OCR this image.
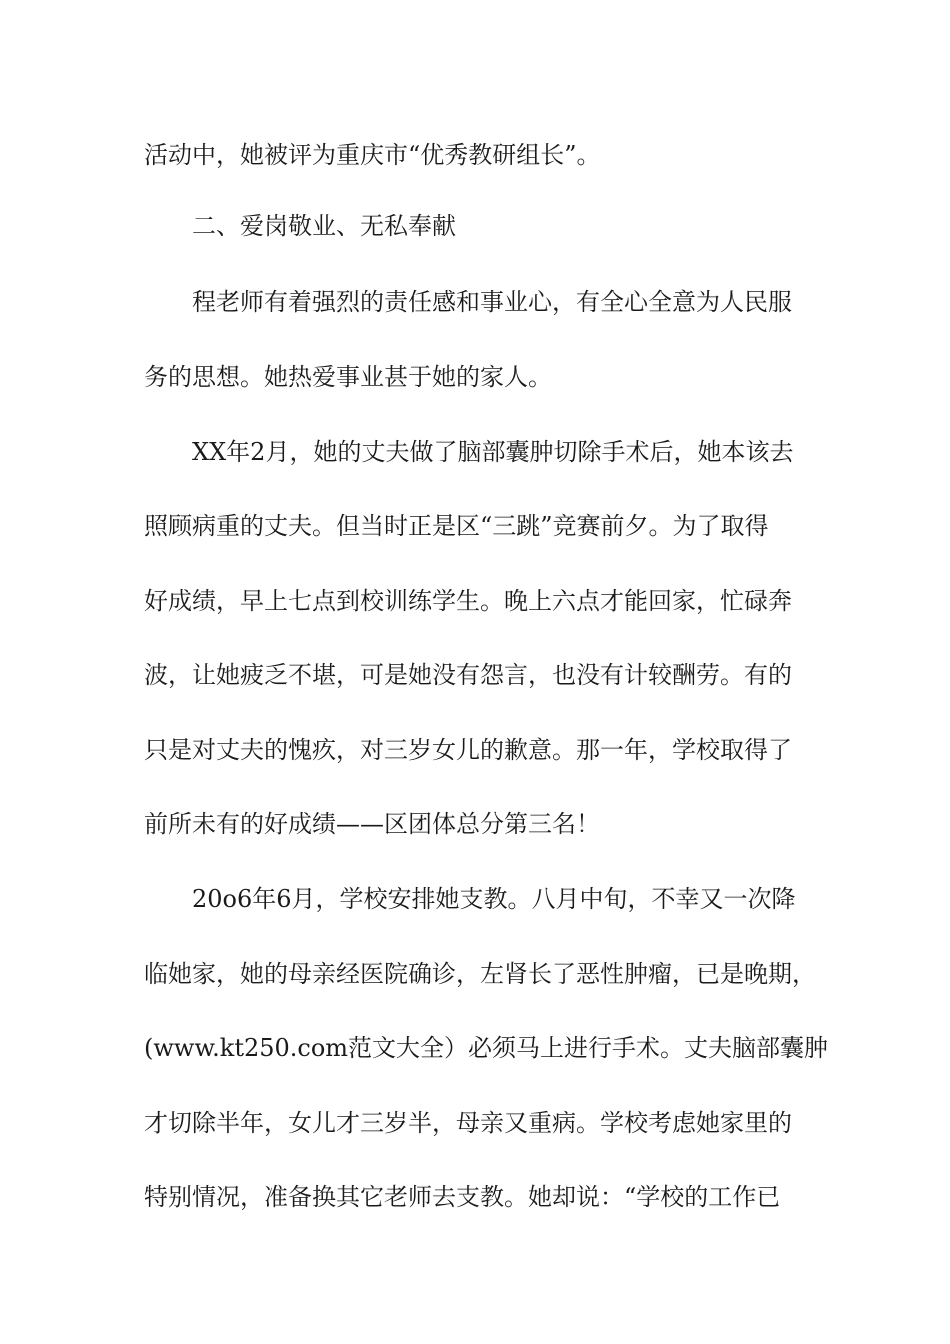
活动中，她被评为重庆市“优秀教研组长”。

二、爱岗敬业、无私奉献

程老师有着强烈的责任感和事业心，有全心全意为人民服

务的思想。她热爱事业甚于她的家人。

XX年2月，她的丈夫做了脑部囊肿切除手术后，她本该去

照顾病重的丈夫。但当时正是区“三跳”竞赛前夕。为了取得

好成绩，早上七点到校训练学生。晚上六点才能回家，忙碌奔

波，让她疲乏不堪，可是她没有怨言，也没有计较酬劳。有的

只是对丈夫的愧疚，对三岁女儿的歉意。那一年，学校取得了

前所未有的好成绩——区团体总分第三名！

20o6年6月，学校安排她支教。八月中旬，不幸又一次降

临她家，她的母亲经医院确诊，左肾长了恶性肿瘤，已是晚期，

(www.kt250.com范文大全）必须马上进行手术。丈夫脑部囊肿

才切除半年，女儿才三岁半，母亲又重病。学校考虑她家里的

特别情况，准备换其它老师去支教。她却说：“学校的工作已
